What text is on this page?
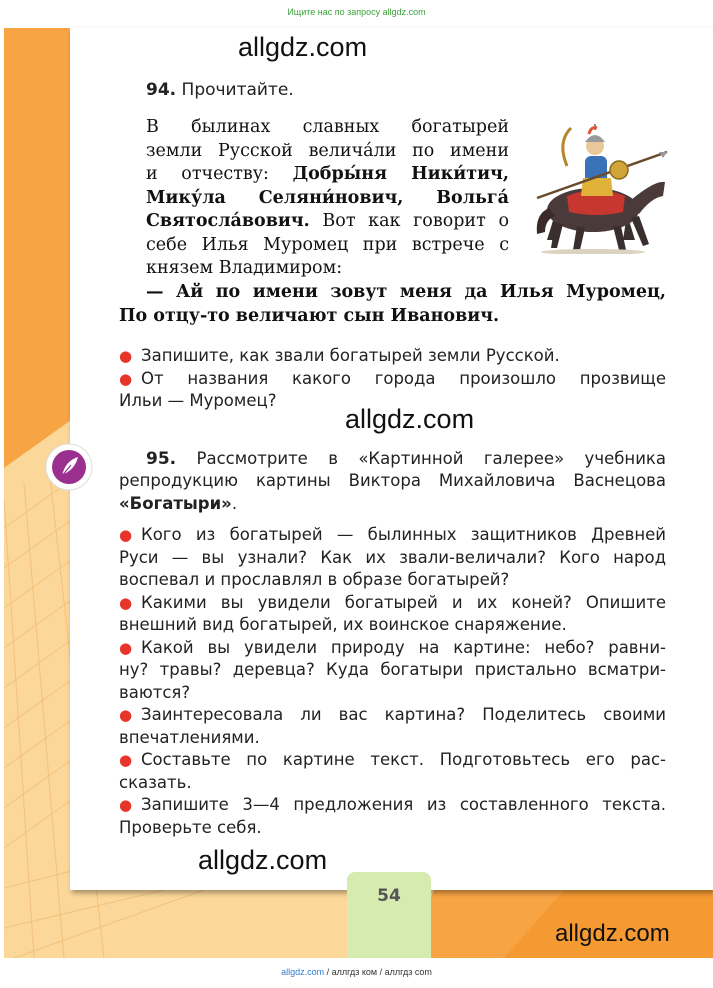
Ищите нас по запросу allgdz.com
allgdz.com
94. Прочитайте.
В былинах славных богатырей
земли Русской величáли по имени
и отчеству: Добры́ня Ники́тич,
Мику́ла Селяни́нович, Вольга́
Святосла́вович. Вот как говорит о
себе Илья Муромец при встрече с
князем Владимиром:
— Ай по имени зовут меня да Илья Муромец,
По отцу-то величают сын Иванович.
● Запишите, как звали богатырей земли Русской.
● От названия какого города произошло прозвище
Ильи — Муромец?
allgdz.com
95. Рассмотрите в «Картинной галерее» учебника
репродукцию картины Виктора Михайловича Васнецова
«Богатыри».
● Кого из богатырей — былинных защитников Древней
Руси — вы узнали? Как их звали-величали? Кого народ
воспевал и прославлял в образе богатырей?
● Какими вы увидели богатырей и их коней? Опишите
внешний вид богатырей, их воинское снаряжение.
● Какой вы увидели природу на картине: небо? равни-
ну? травы? деревца? Куда богатыри пристально всматри-
ваются?
● Заинтересовала ли вас картина? Поделитесь своими
впечатлениями.
● Составьте по картине текст. Подготовьтесь его рас-
сказать.
● Запишите 3—4 предложения из составленного текста.
Проверьте себя.
allgdz.com
54
allgdz.com
allgdz.com / аллгдз ком / аллгдз com
